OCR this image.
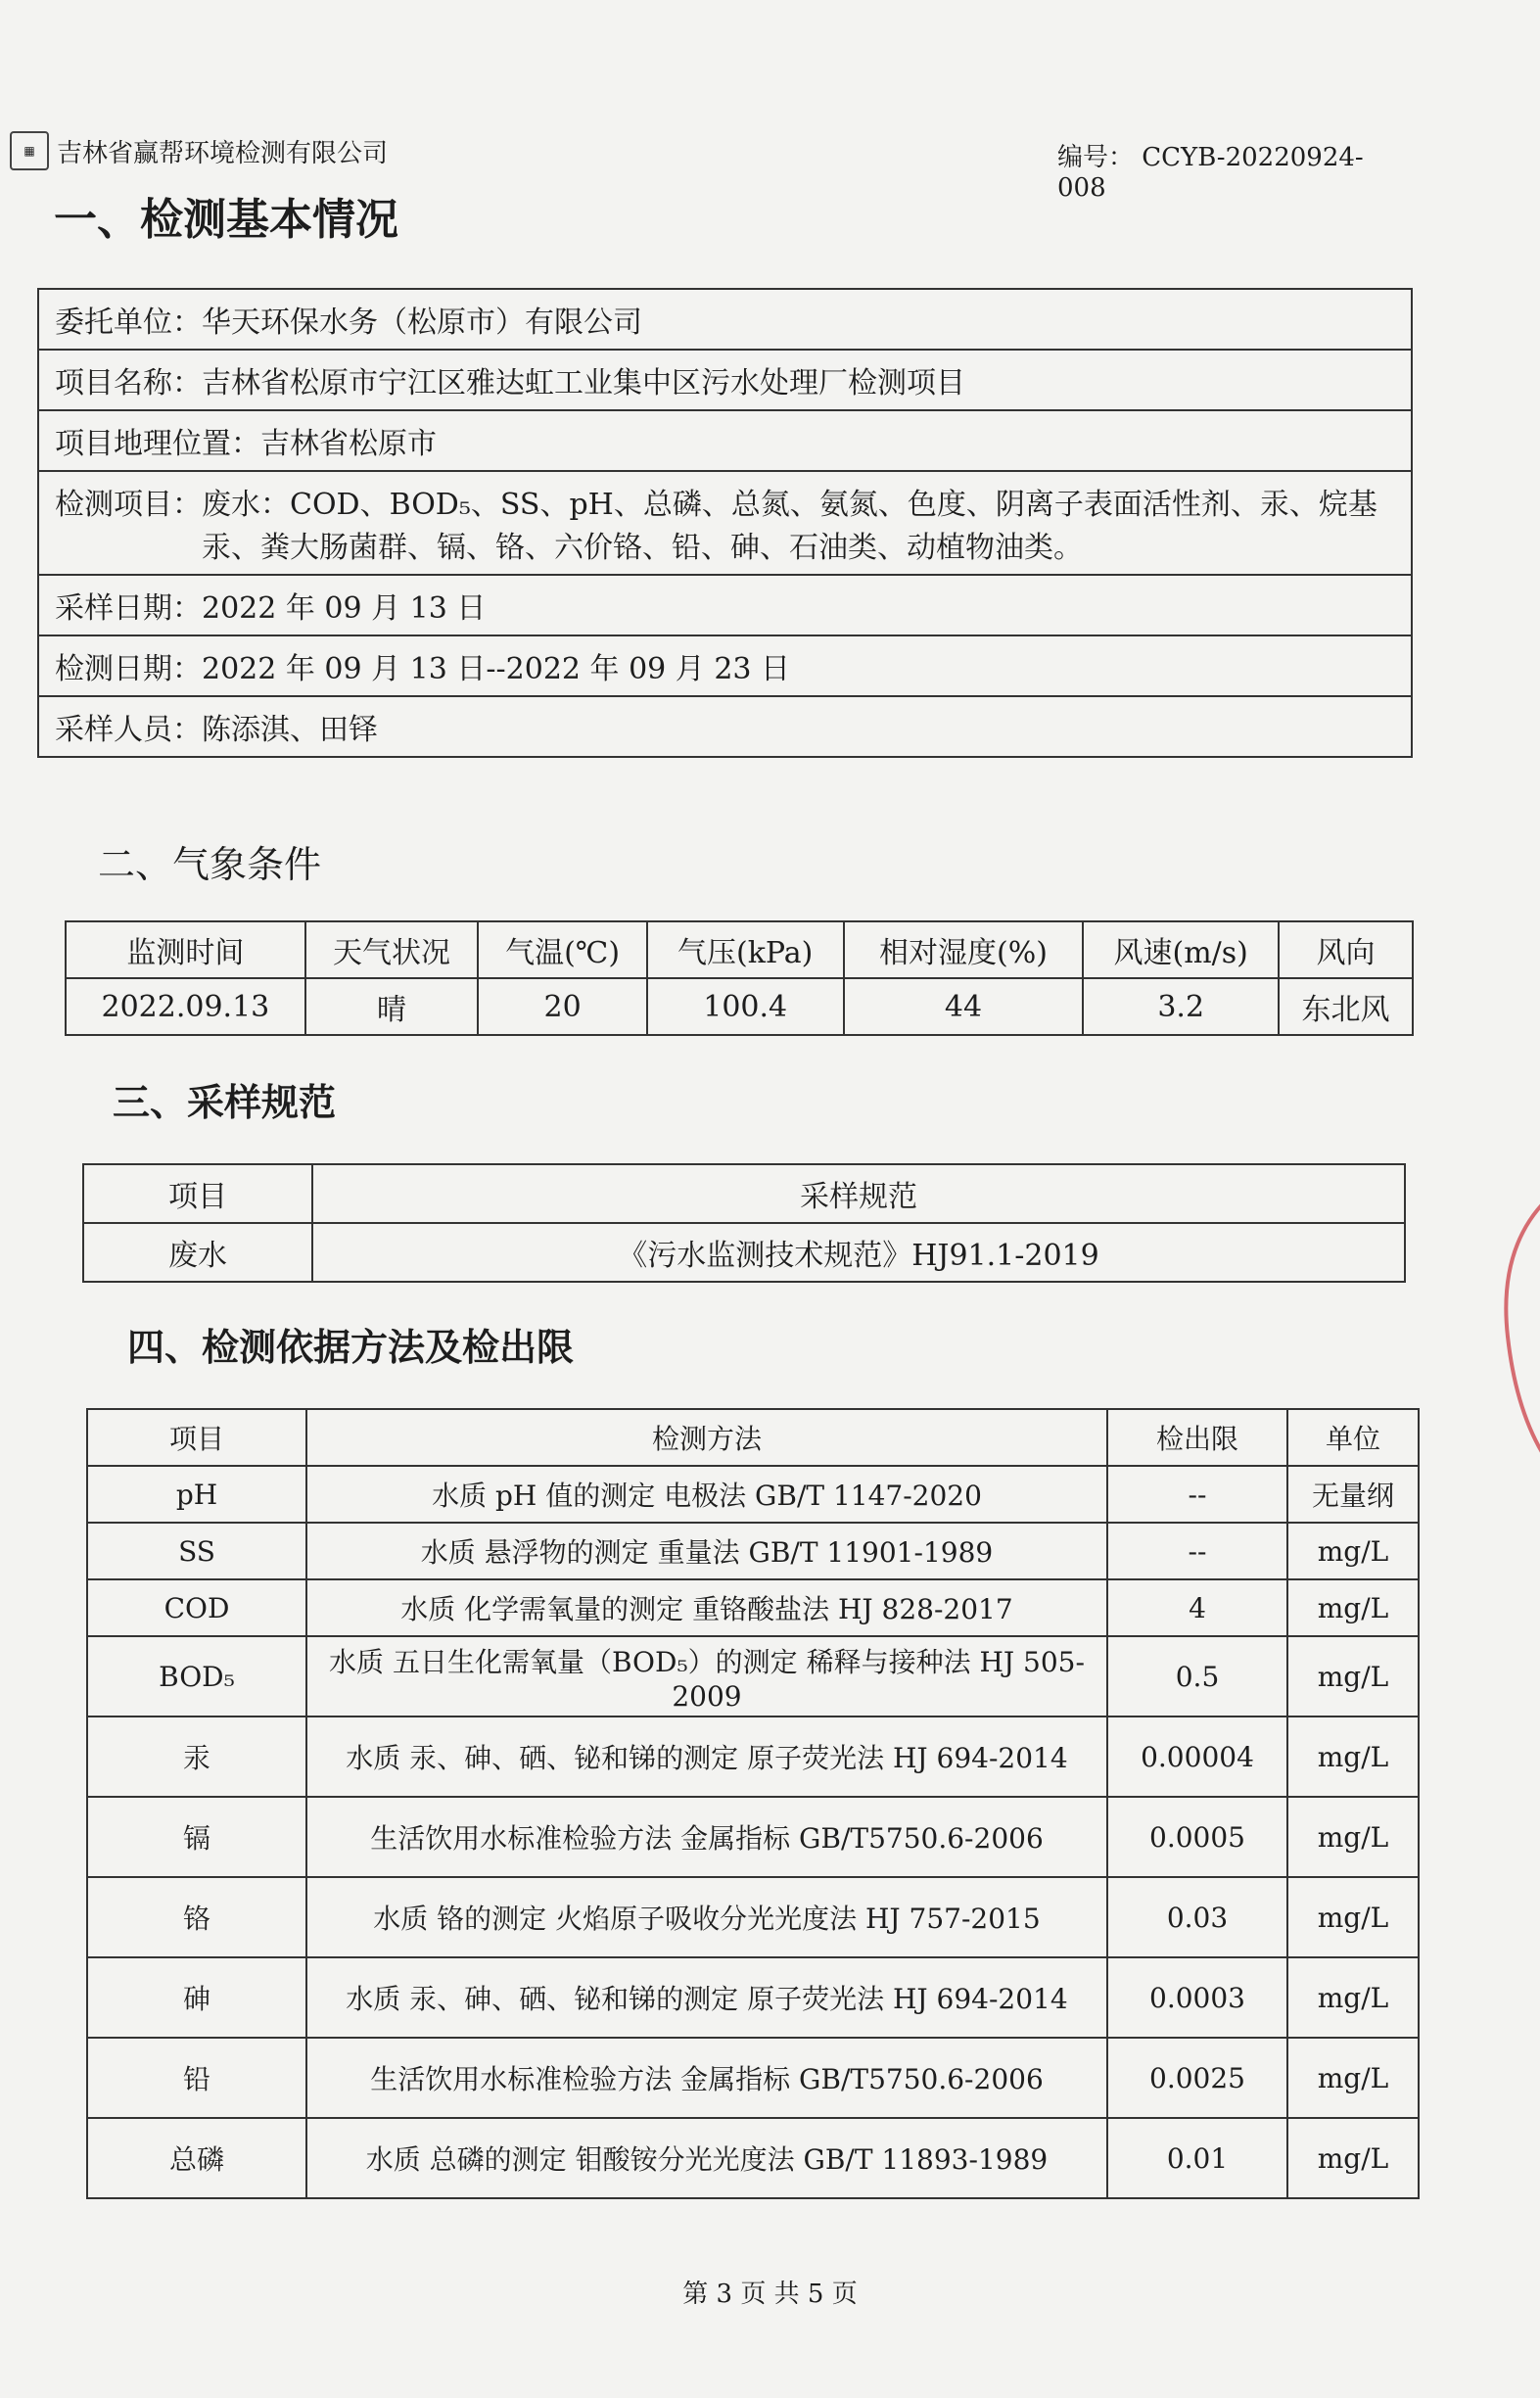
▦ 吉林省赢帮环境检测有限公司	编号： CCYB-20220924-008
一、检测基本情况
委托单位：华天环保水务（松原市）有限公司
项目名称：吉林省松原市宁江区雅达虹工业集中区污水处理厂检测项目
项目地理位置：吉林省松原市

检测项目： 废水：COD、BOD₅、SS、pH、总磷、总氮、氨氮、色度、阴离子表面活性剂、汞、烷基汞、粪大肠菌群、镉、铬、六价铬、铅、砷、石油类、动植物油类。

采样日期：2022 年 09 月 13 日
检测日期：2022 年 09 月 13 日--2022 年 09 月 23 日
采样人员：陈添淇、田铎
二、气象条件
监测时间	天气状况	气温(℃)	气压(kPa)	相对湿度(%)	风速(m/s)	风向
2022.09.13	晴	20	100.4	44	3.2	东北风
三、采样规范
项目	采样规范
废水	《污水监测技术规范》HJ91.1-2019
四、检测依据方法及检出限
项目	检测方法	检出限	单位
pH	水质 pH 值的测定 电极法 GB/T 1147-2020	--	无量纲
SS	水质 悬浮物的测定 重量法 GB/T 11901-1989	--	mg/L
COD	水质 化学需氧量的测定 重铬酸盐法 HJ 828-2017	4	mg/L
BOD₅	水质 五日生化需氧量（BOD₅）的测定 稀释与接种法 HJ 505-2009	0.5	mg/L
汞	水质 汞、砷、硒、铋和锑的测定 原子荧光法 HJ 694-2014	0.00004	mg/L
镉	生活饮用水标准检验方法 金属指标 GB/T5750.6-2006	0.0005	mg/L
铬	水质 铬的测定 火焰原子吸收分光光度法 HJ 757-2015	0.03	mg/L
砷	水质 汞、砷、硒、铋和锑的测定 原子荧光法 HJ 694-2014	0.0003	mg/L
铅	生活饮用水标准检验方法 金属指标 GB/T5750.6-2006	0.0025	mg/L
总磷	水质 总磷的测定 钼酸铵分光光度法 GB/T 11893-1989	0.01	mg/L
第 3 页 共 5 页
